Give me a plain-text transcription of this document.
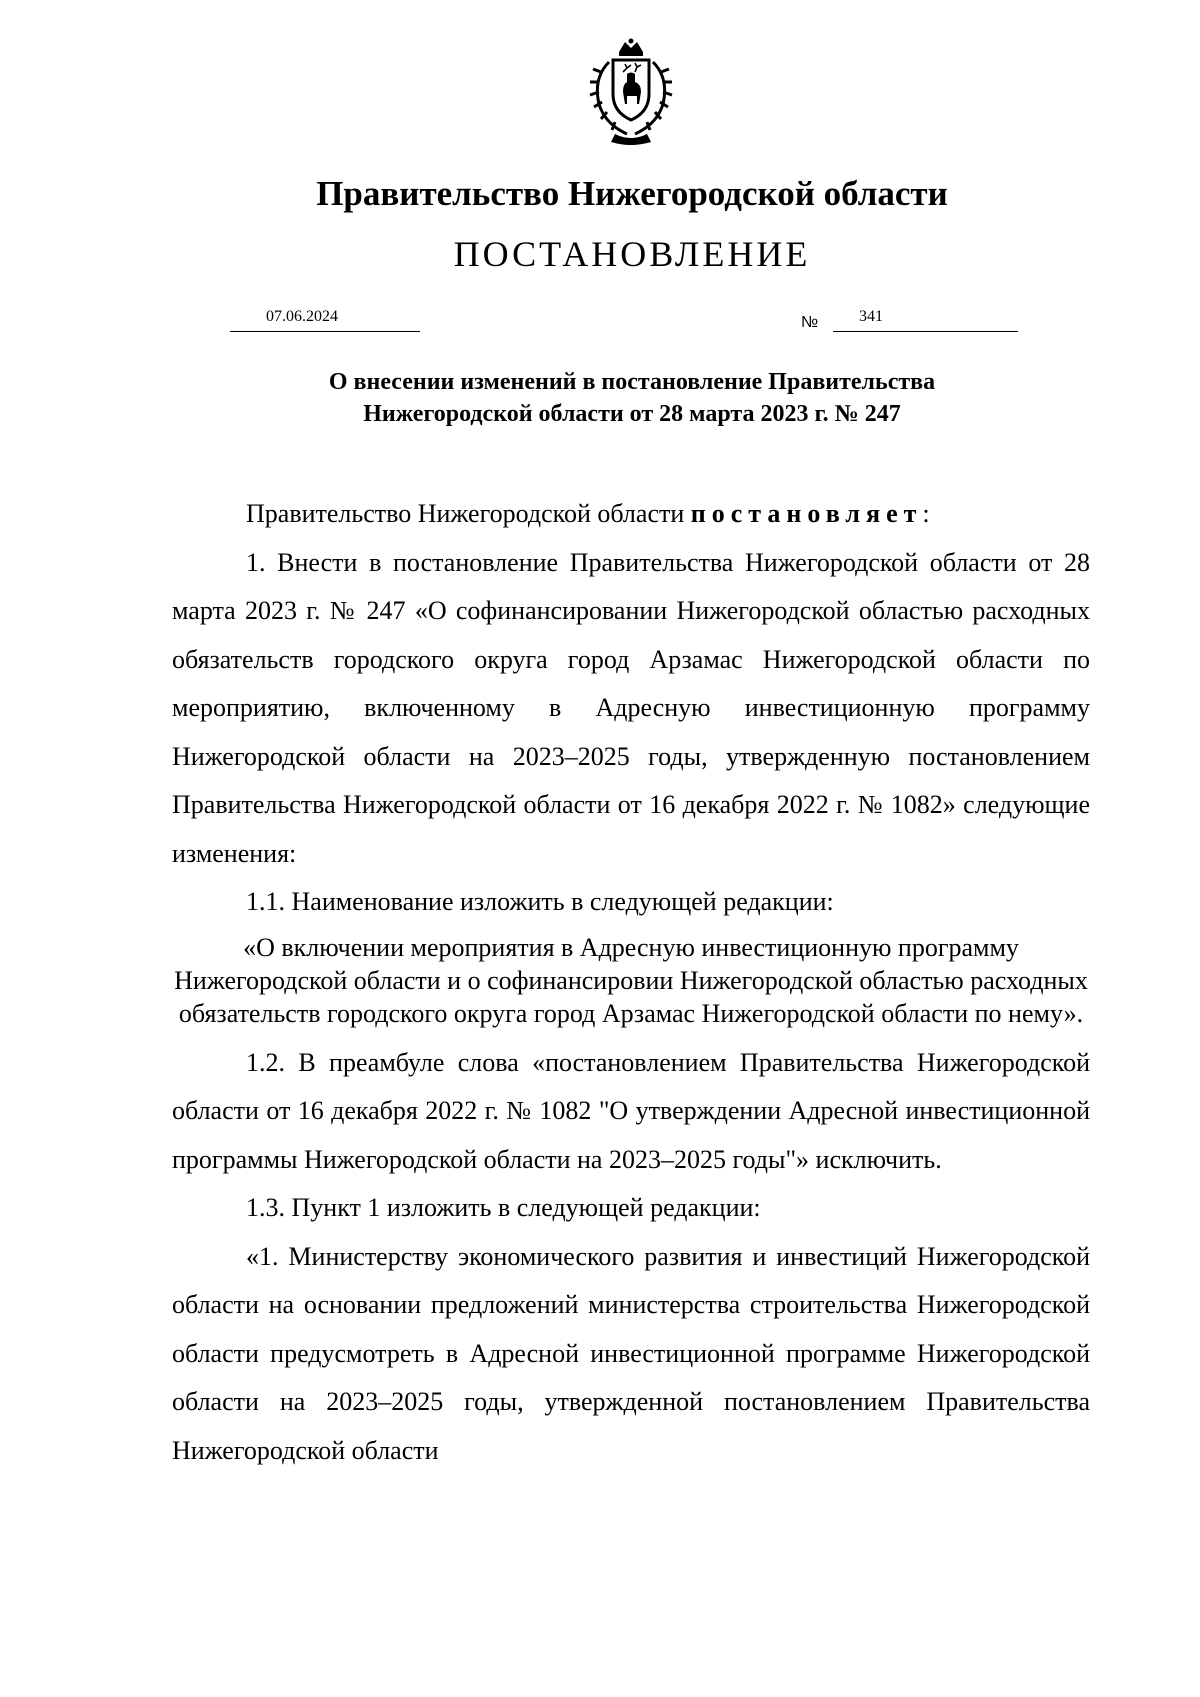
Правительство Нижегородской области
ПОСТАНОВЛЕНИЕ
07.06.2024	№	341
О внесении изменений в постановление Правительства
Нижегородской области от 28 марта 2023 г. № 247

Правительство Нижегородской области постановляет:

1. Внести в постановление Правительства Нижегородской области от 28 марта 2023 г. № 247 «О софинансировании Нижегородской областью расходных обязательств городского округа город Арзамас Нижегородской области по мероприятию, включенному в Адресную инвестиционную программу Нижегородской области на 2023–2025 годы, утвержденную постановлением Правительства Нижегородской области от 16 декабря 2022 г. № 1082» следующие изменения:

1.1. Наименование изложить в следующей редакции:

«О включении мероприятия в Адресную инвестиционную программу Нижегородской области и о софинансировии Нижегородской областью расходных обязательств городского округа город Арзамас Нижегородской области по нему».

1.2. В преамбуле слова «постановлением Правительства Нижегородской области от 16 декабря 2022 г. № 1082 "О утверждении Адресной инвестиционной программы Нижегородской области на 2023–2025 годы"» исключить.

1.3. Пункт 1 изложить в следующей редакции:

«1. Министерству экономического развития и инвестиций Нижегородской области на основании предложений министерства строительства Нижегородской области предусмотреть в Адресной инвестиционной программе Нижегородской области на 2023–2025 годы, утвержденной постановлением Правительства Нижегородской области
